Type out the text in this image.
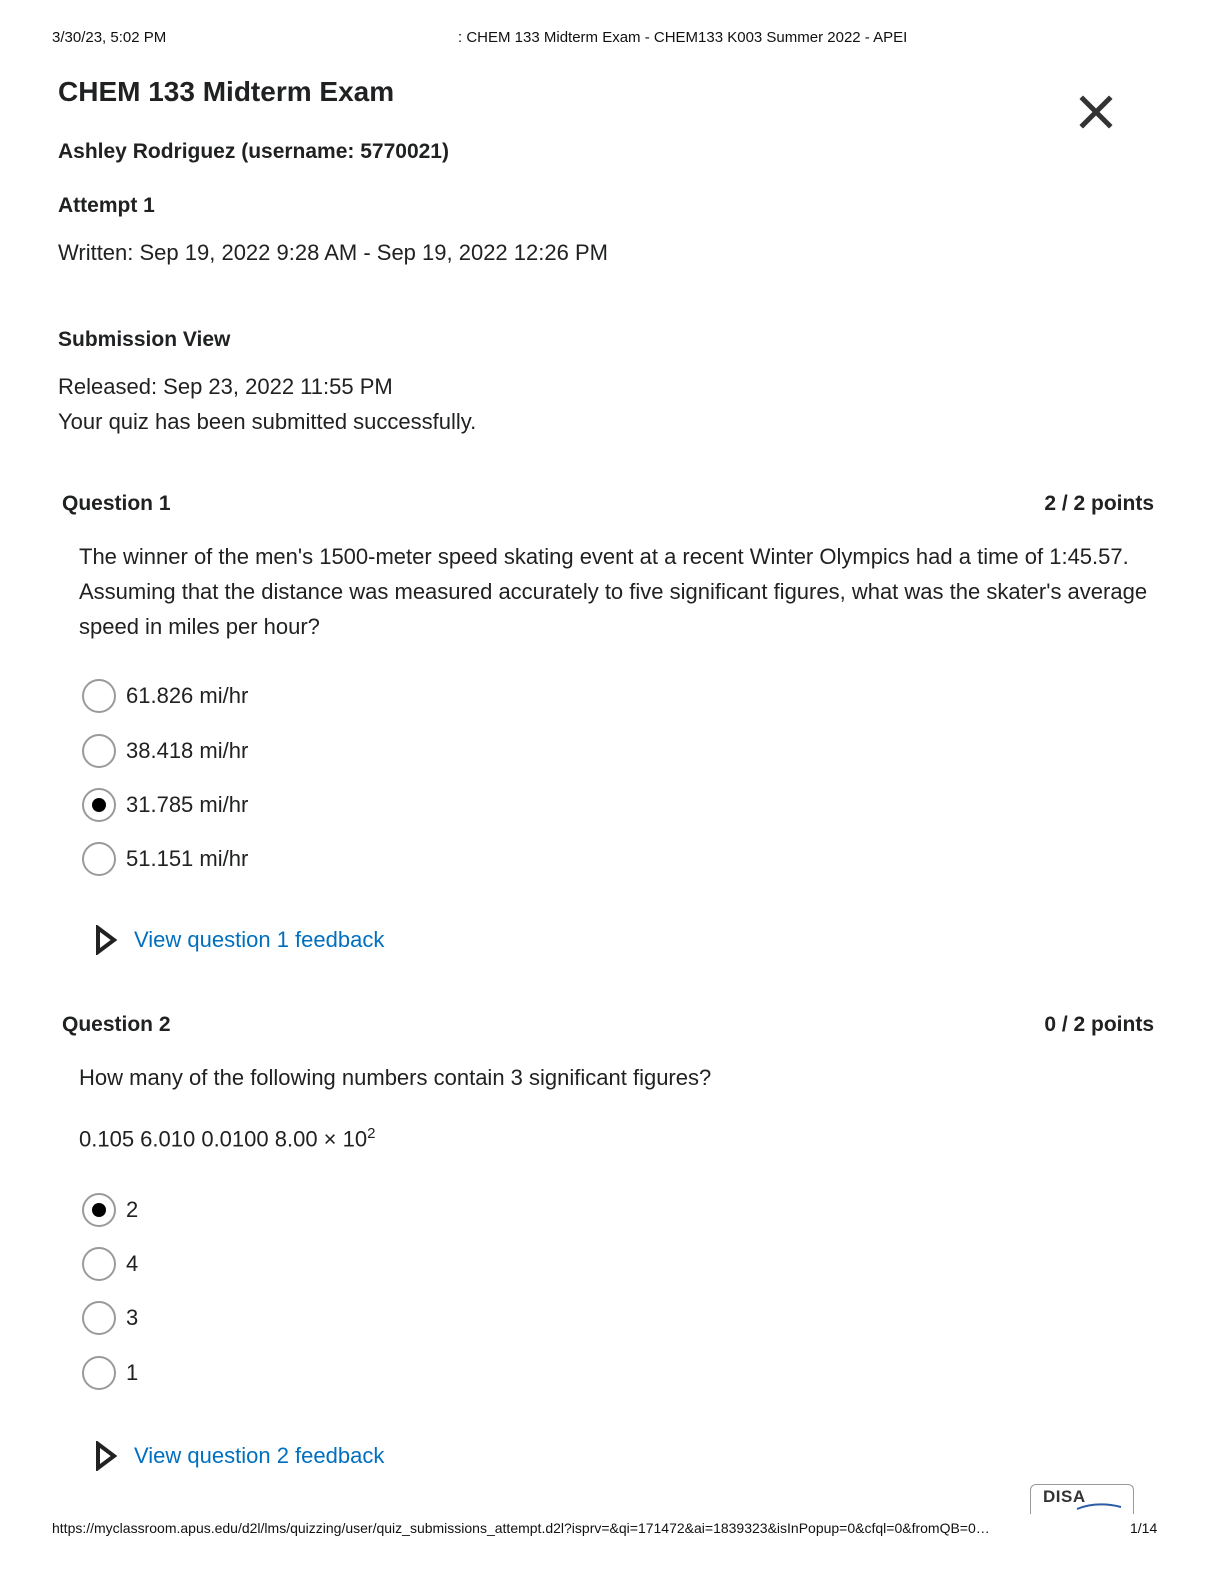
3/30/23, 5:02 PM	: CHEM 133 Midterm Exam - CHEM133 K003 Summer 2022 - APEI
CHEM 133 Midterm Exam
Ashley Rodriguez (username: 5770021)
Attempt 1
Written: Sep 19, 2022 9:28 AM - Sep 19, 2022 12:26 PM
Submission View
Released: Sep 23, 2022 11:55 PM
Your quiz has been submitted successfully.
Question 1	2 / 2 points
The winner of the men's 1500-meter speed skating event at a recent Winter Olympics had a time of 1:45.57. Assuming that the distance was measured accurately to five significant figures, what was the skater's average speed in miles per hour?
61.826 mi/hr
38.418 mi/hr
31.785 mi/hr
51.151 mi/hr
View question 1 feedback
Question 2	0 / 2 points
How many of the following numbers contain 3 significant figures?
0.105 6.010 0.0100 $8.00 \times 10^2$
2
4
3
1
View question 2 feedback
DISA
https://myclassroom.apus.edu/d2l/lms/quizzing/user/quiz_submissions_attempt.d2l?isprv=&qi=171472&ai=1839323&isInPopup=0&cfql=0&fromQB=0…	1/14
